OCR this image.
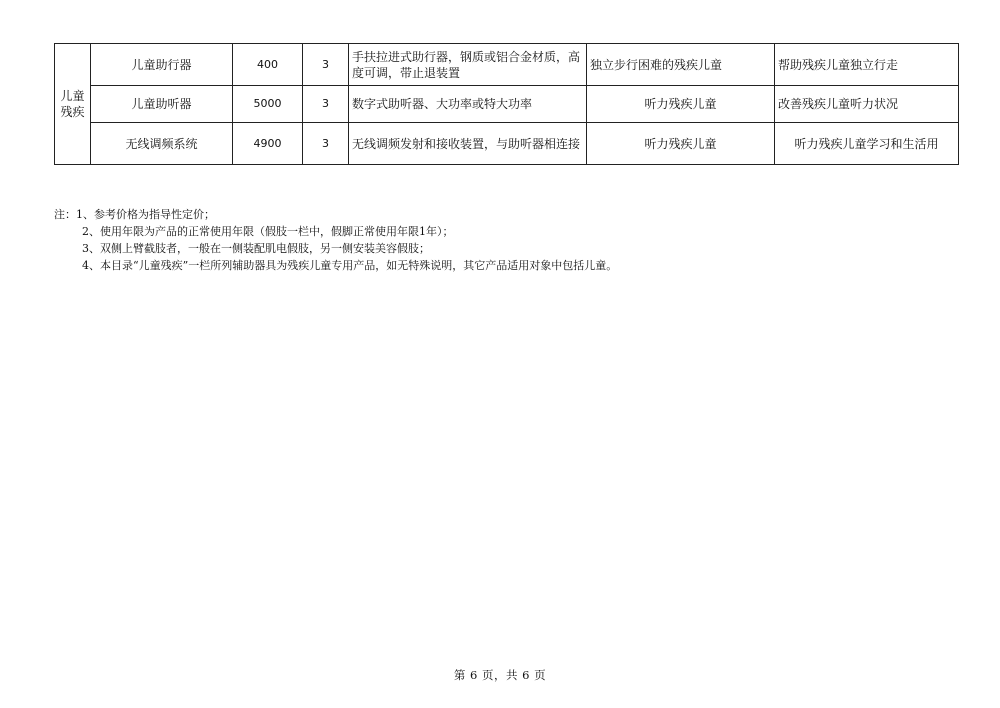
儿童残疾	儿童助行器	400	3	手扶拉进式助行器，钢质或铝合金材质，高度可调，带止退装置	独立步行困难的残疾儿童	帮助残疾儿童独立行走
	儿童助听器	5000	3	数字式助听器、大功率或特大功率	听力残疾儿童	改善残疾儿童听力状况
	无线调频系统	4900	3	无线调频发射和接收装置，与助听器相连接	听力残疾儿童	听力残疾儿童学习和生活用
注：1、参考价格为指导性定价；
2、使用年限为产品的正常使用年限（假肢一栏中，假脚正常使用年限1年）；
3、双侧上臂截肢者，一般在一侧装配肌电假肢，另一侧安装美容假肢；
4、本目录“儿童残疾”一栏所列辅助器具为残疾儿童专用产品，如无特殊说明，其它产品适用对象中包括儿童。
第 6 页，共 6 页
